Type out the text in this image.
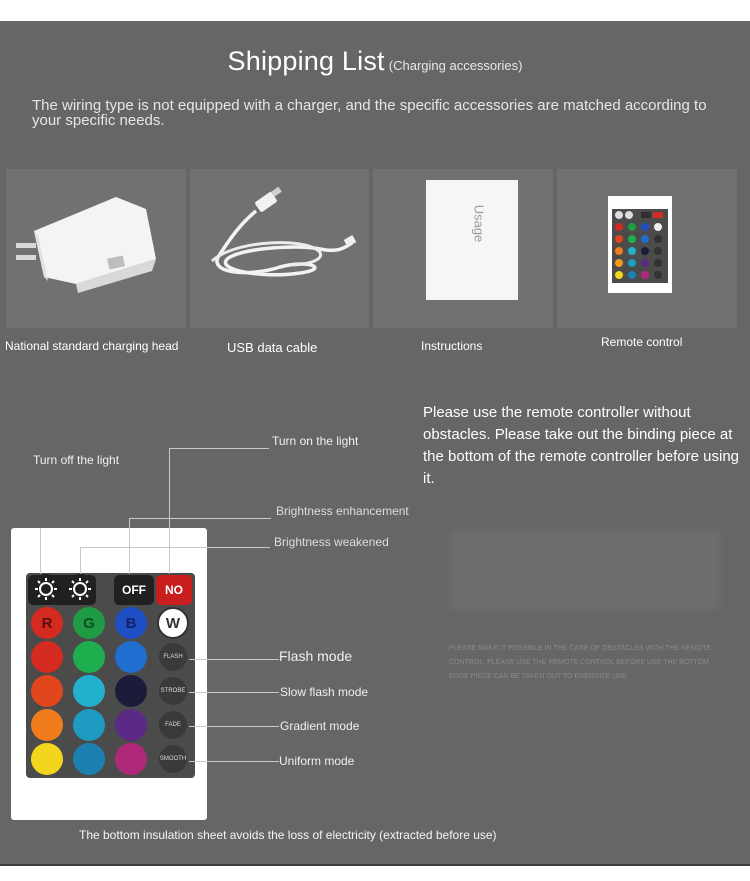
Shipping List (Charging accessories)
The wiring type is not equipped with a charger, and the specific accessories are matched according to your specific needs.
National standard charging head	USB data cable
Usage
Instructions	Remote control
Please use the remote controller without obstacles. Please take out the binding piece at the bottom of the remote controller before using it.
PLEASE MAKE IT POSSIBLE IN THE CASE OF OBSTACLES WITH THE REMOTE CONTROL, PLEASE USE THE REMOTE CONTROL BEFORE USE THE BOTTOM EDGE PIECE CAN BE TAKEN OUT TO ENERGIZE USE
Turn off the light
Turn on the light
Brightness enhancement
Brightness weakened
Flash mode
Slow flash mode
Gradient mode
Uniform mode
OFF	NO
R	G	B	W
FLASH
STROBE
FADE
SMOOTH
The bottom insulation sheet avoids the loss of electricity (extracted before use)
